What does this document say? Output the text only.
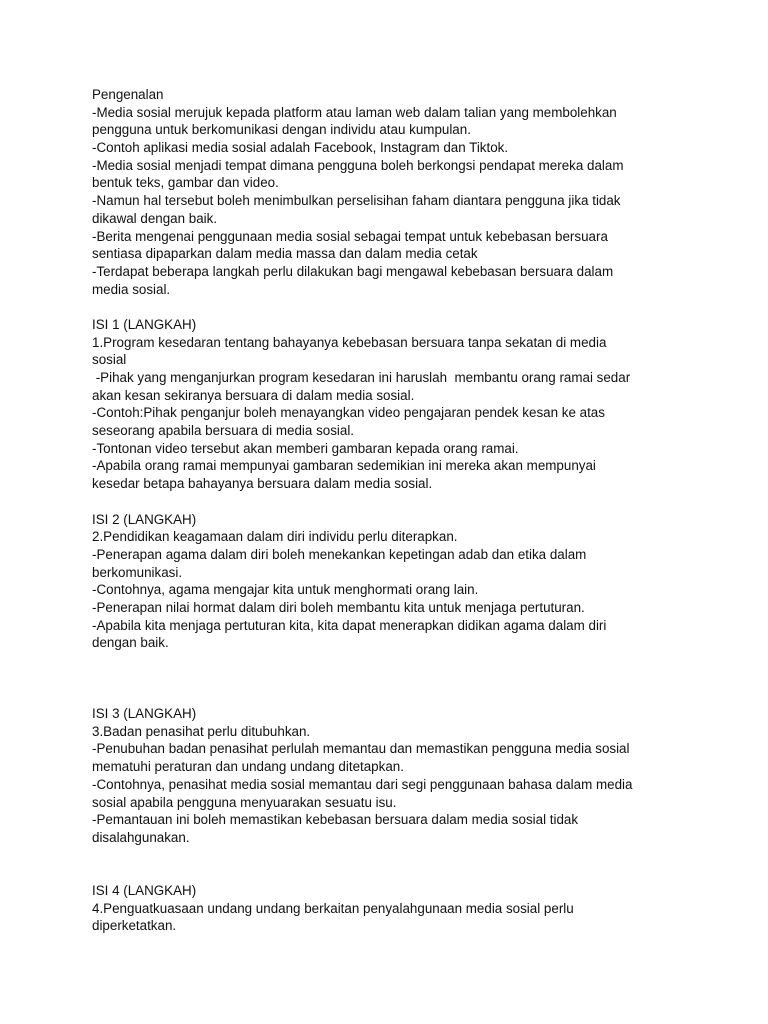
Pengenalan
-Media sosial merujuk kepada platform atau laman web dalam talian yang membolehkan
pengguna untuk berkomunikasi dengan individu atau kumpulan.
-Contoh aplikasi media sosial adalah Facebook, Instagram dan Tiktok.
-Media sosial menjadi tempat dimana pengguna boleh berkongsi pendapat mereka dalam
bentuk teks, gambar dan video.
-Namun hal tersebut boleh menimbulkan perselisihan faham diantara pengguna jika tidak
dikawal dengan baik.
-Berita mengenai penggunaan media sosial sebagai tempat untuk kebebasan bersuara
sentiasa dipaparkan dalam media massa dan dalam media cetak
-Terdapat beberapa langkah perlu dilakukan bagi mengawal kebebasan bersuara dalam
media sosial.
ISI 1 (LANGKAH)
1.Program kesedaran tentang bahayanya kebebasan bersuara tanpa sekatan di media
sosial
-Pihak yang menganjurkan program kesedaran ini haruslah  membantu orang ramai sedar
akan kesan sekiranya bersuara di dalam media sosial.
-Contoh:Pihak penganjur boleh menayangkan video pengajaran pendek kesan ke atas
seseorang apabila bersuara di media sosial.
-Tontonan video tersebut akan memberi gambaran kepada orang ramai.
-Apabila orang ramai mempunyai gambaran sedemikian ini mereka akan mempunyai
kesedar betapa bahayanya bersuara dalam media sosial.
ISI 2 (LANGKAH)
2.Pendidikan keagamaan dalam diri individu perlu diterapkan.
-Penerapan agama dalam diri boleh menekankan kepetingan adab dan etika dalam
berkomunikasi.
-Contohnya, agama mengajar kita untuk menghormati orang lain.
-Penerapan nilai hormat dalam diri boleh membantu kita untuk menjaga pertuturan.
-Apabila kita menjaga pertuturan kita, kita dapat menerapkan didikan agama dalam diri
dengan baik.
ISI 3 (LANGKAH)
3.Badan penasihat perlu ditubuhkan.
-Penubuhan badan penasihat perlulah memantau dan memastikan pengguna media sosial
mematuhi peraturan dan undang undang ditetapkan.
-Contohnya, penasihat media sosial memantau dari segi penggunaan bahasa dalam media
sosial apabila pengguna menyuarakan sesuatu isu.
-Pemantauan ini boleh memastikan kebebasan bersuara dalam media sosial tidak
disalahgunakan.
ISI 4 (LANGKAH)
4.Penguatkuasaan undang undang berkaitan penyalahgunaan media sosial perlu
diperketatkan.
